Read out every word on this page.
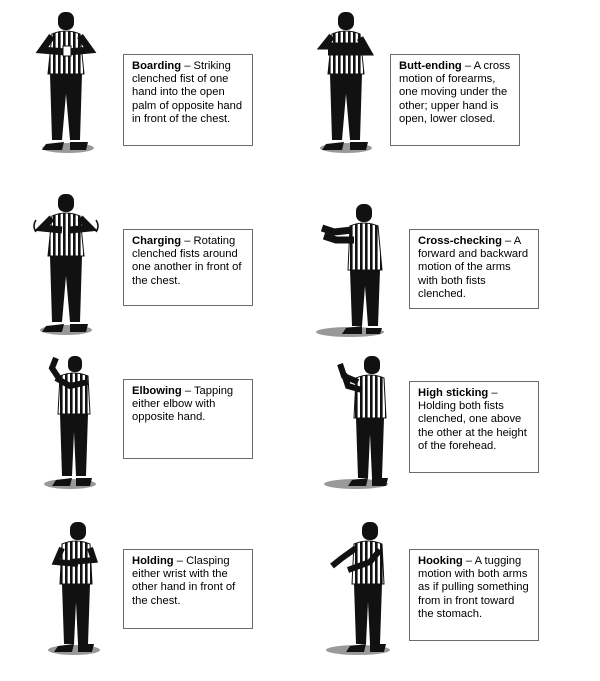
Boarding – Striking clenched fist of one hand into the open palm of opposite hand in front of the chest.
Butt-ending – A cross motion of forearms, one moving under the other; upper hand is open, lower closed.
Charging – Rotating clenched fists around one another in front of the chest.
Cross-checking – A forward and backward motion of the arms with both fists clenched.
Elbowing – Tapping either elbow with opposite hand.
High sticking – Holding both fists clenched, one above the other at the height of the forehead.
Holding – Clasping either wrist with the other hand in front of the chest.
Hooking – A tugging motion with both arms as if pulling something from in front toward the stomach.
